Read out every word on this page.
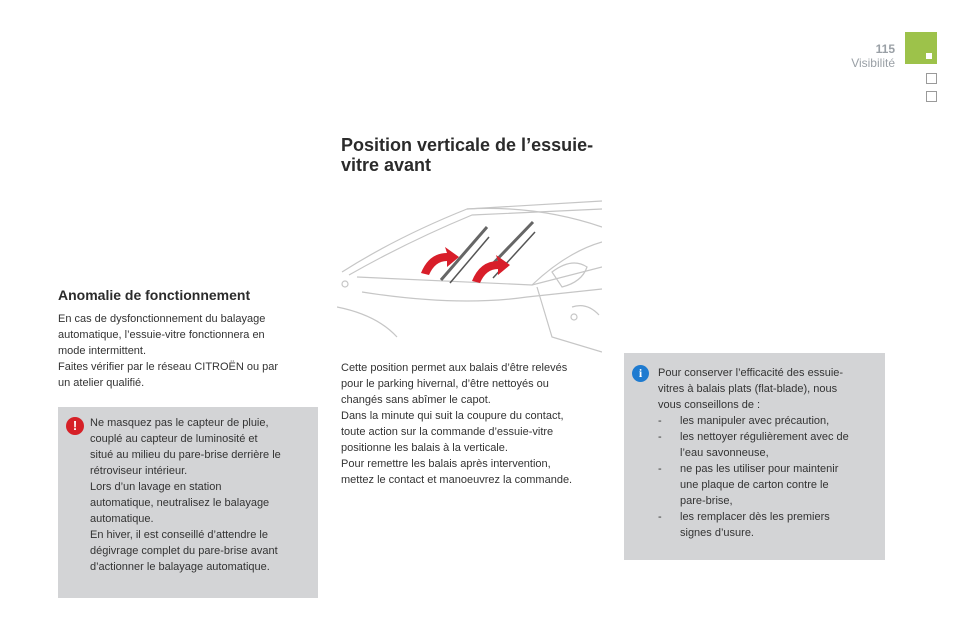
115
Visibilité
Position verticale de l’essuie-vitre avant

Cette position permet aux balais d’être relevés
pour le parking hivernal, d’être nettoyés ou
changés sans abîmer le capot.
Dans la minute qui suit la coupure du contact,
toute action sur la commande d’essuie-vitre
positionne les balais à la verticale.
Pour remettre les balais après intervention,
mettez le contact et manoeuvrez la commande.

Anomalie de fonctionnement

En cas de dysfonctionnement du balayage
automatique, l’essuie-vitre fonctionnera en
mode intermittent.
Faites vérifier par le réseau CITROËN ou par
un atelier qualifié.

!	Ne masquez pas le capteur de pluie,
couplé au capteur de luminosité et
situé au milieu du pare-brise derrière le
rétroviseur intérieur.
Lors d’un lavage en station
automatique, neutralisez le balayage
automatique.
En hiver, il est conseillé d’attendre le
dégivrage complet du pare-brise avant
d’actionner le balayage automatique.

i	Pour conserver l’efficacité des essuie-
vitres à balais plats (flat-blade), nous
vous conseillons de :

- les manipuler avec précaution,
- les nettoyer régulièrement avec de
l’eau savonneuse,
- ne pas les utiliser pour maintenir
une plaque de carton contre le
pare-brise,
- les remplacer dès les premiers
signes d’usure.
